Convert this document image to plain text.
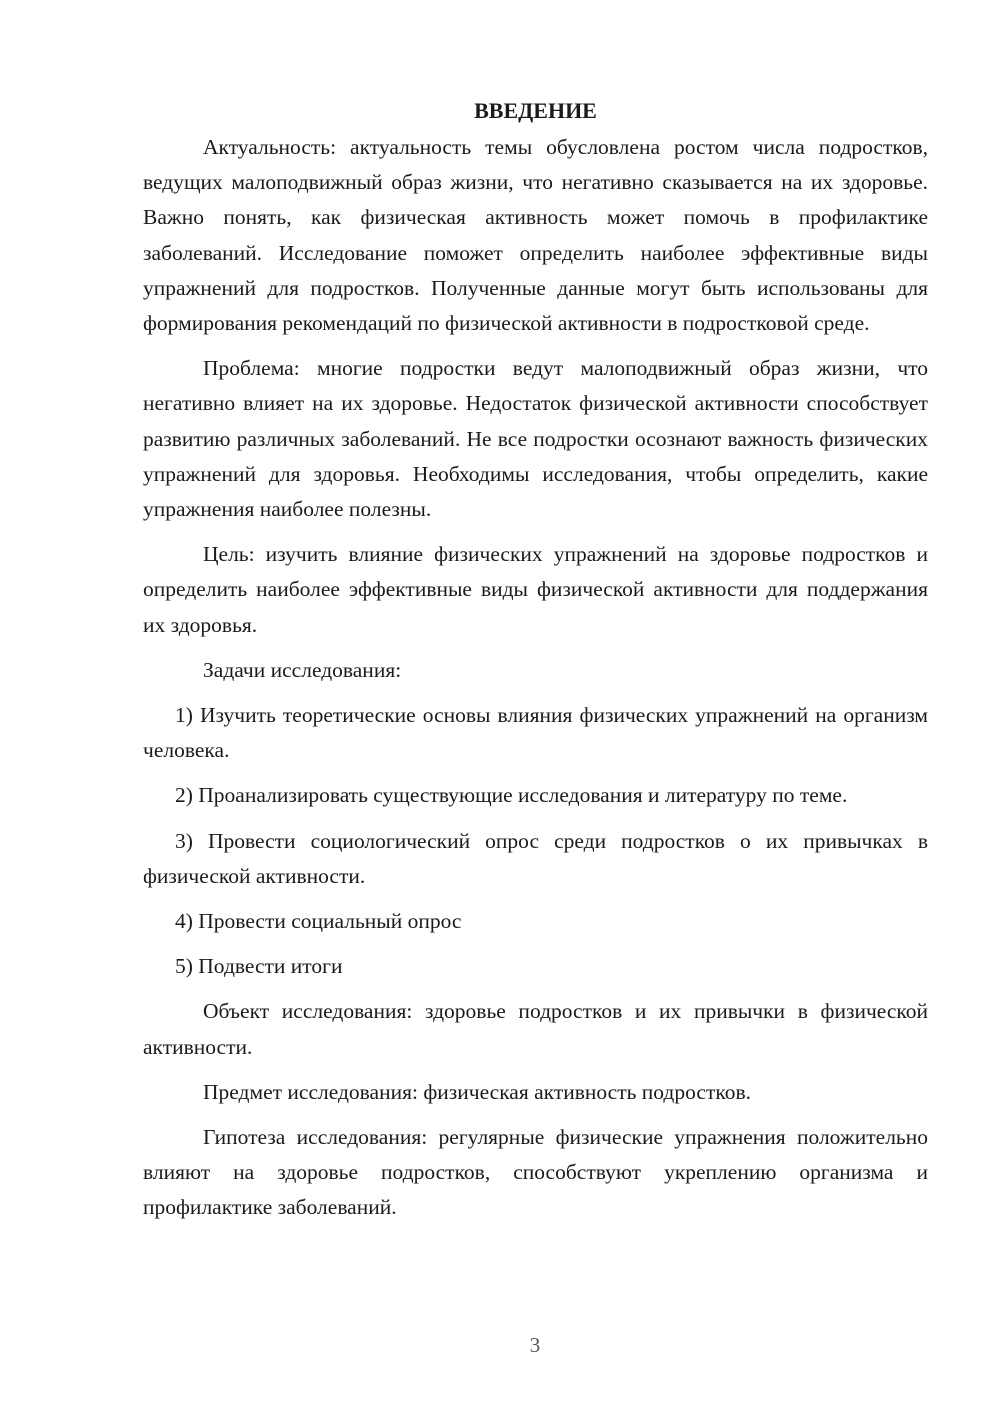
ВВЕДЕНИЕ

Актуальность: актуальность темы обусловлена ростом числа подростков, ведущих малоподвижный образ жизни, что негативно сказывается на их здоровье. Важно понять, как физическая активность может помочь в профилактике заболеваний. Исследование поможет определить наиболее эффективные виды упражнений для подростков. Полученные данные могут быть использованы для формирования рекомендаций по физической активности в подростковой среде.

Проблема: многие подростки ведут малоподвижный образ жизни, что негативно влияет на их здоровье. Недостаток физической активности способствует развитию различных заболеваний. Не все подростки осознают важность физических упражнений для здоровья. Необходимы исследования, чтобы определить, какие упражнения наиболее полезны.

Цель: изучить влияние физических упражнений на здоровье подростков и определить наиболее эффективные виды физической активности для поддержания их здоровья.

Задачи исследования:

1) Изучить теоретические основы влияния физических упражнений на организм человека.

2) Проанализировать существующие исследования и литературу по теме.

3) Провести социологический опрос среди подростков о их привычках в физической активности.

4) Провести социальный опрос

5) Подвести итоги

Объект исследования: здоровье подростков и их привычки в физической активности.

Предмет исследования: физическая активность подростков.

Гипотеза исследования: регулярные физические упражнения положительно влияют на здоровье подростков, способствуют укреплению организма и профилактике заболеваний.

3
